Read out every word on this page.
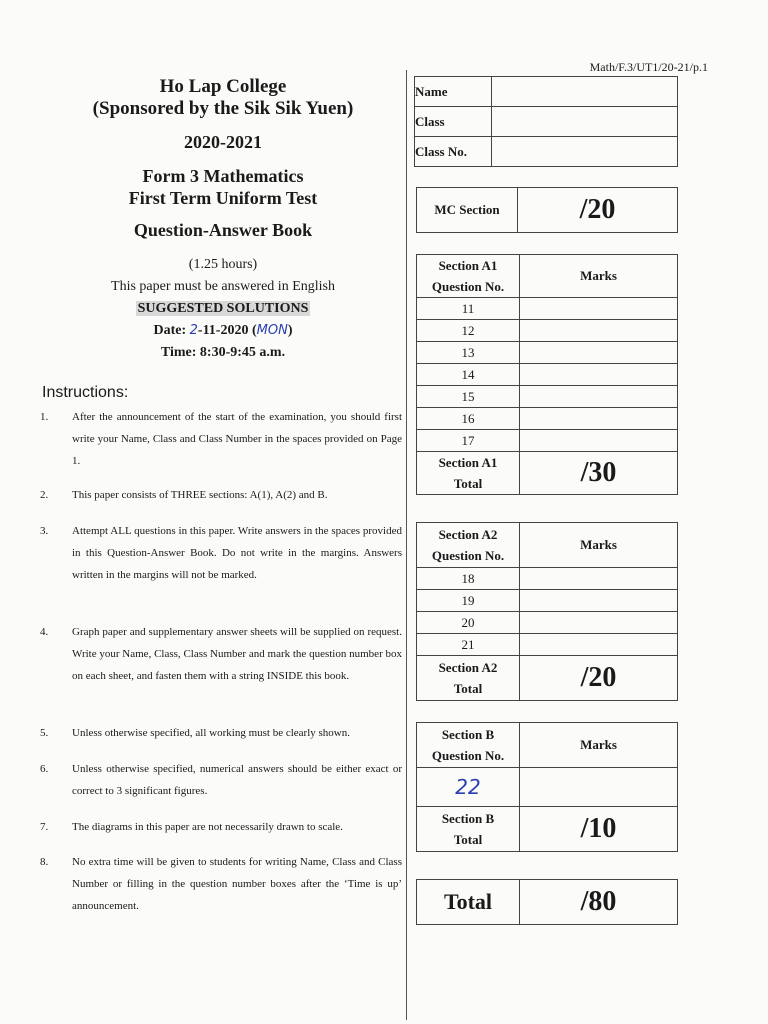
Math/F.3/UT1/20-21/p.1
Ho Lap College
(Sponsored by the Sik Sik Yuen)
2020-2021
Form 3 Mathematics
First Term Uniform Test
Question-Answer Book
(1.25 hours)
This paper must be answered in English
SUGGESTED SOLUTIONS
Date: 2-11-2020 (MON)
Time: 8:30-9:45 a.m.
Instructions:
1. After the announcement of the start of the examination, you should first write your Name, Class and Class Number in the spaces provided on Page 1.
2. This paper consists of THREE sections: A(1), A(2) and B.
3. Attempt ALL questions in this paper. Write answers in the spaces provided in this Question-Answer Book. Do not write in the margins. Answers written in the margins will not be marked.
4. Graph paper and supplementary answer sheets will be supplied on request. Write your Name, Class, Class Number and mark the question number box on each sheet, and fasten them with a string INSIDE this book.
5. Unless otherwise specified, all working must be clearly shown.
6. Unless otherwise specified, numerical answers should be either exact or correct to 3 significant figures.
7. The diagrams in this paper are not necessarily drawn to scale.
8. No extra time will be given to students for writing Name, Class and Class Number or filling in the question number boxes after the ‘Time is up’ announcement.
Name	
Class	
Class No.	
MC Section	/20
Section A1
Question No.	Marks
11	
12	
13	
14	
15	
16	
17	

Section A1
Total	/30
Section A2
Question No.	Marks
18	
19	
20	
21	

Section A2
Total	/20
Section B
Question No.	Marks
22	

Section B
Total	/10
Total	/80
